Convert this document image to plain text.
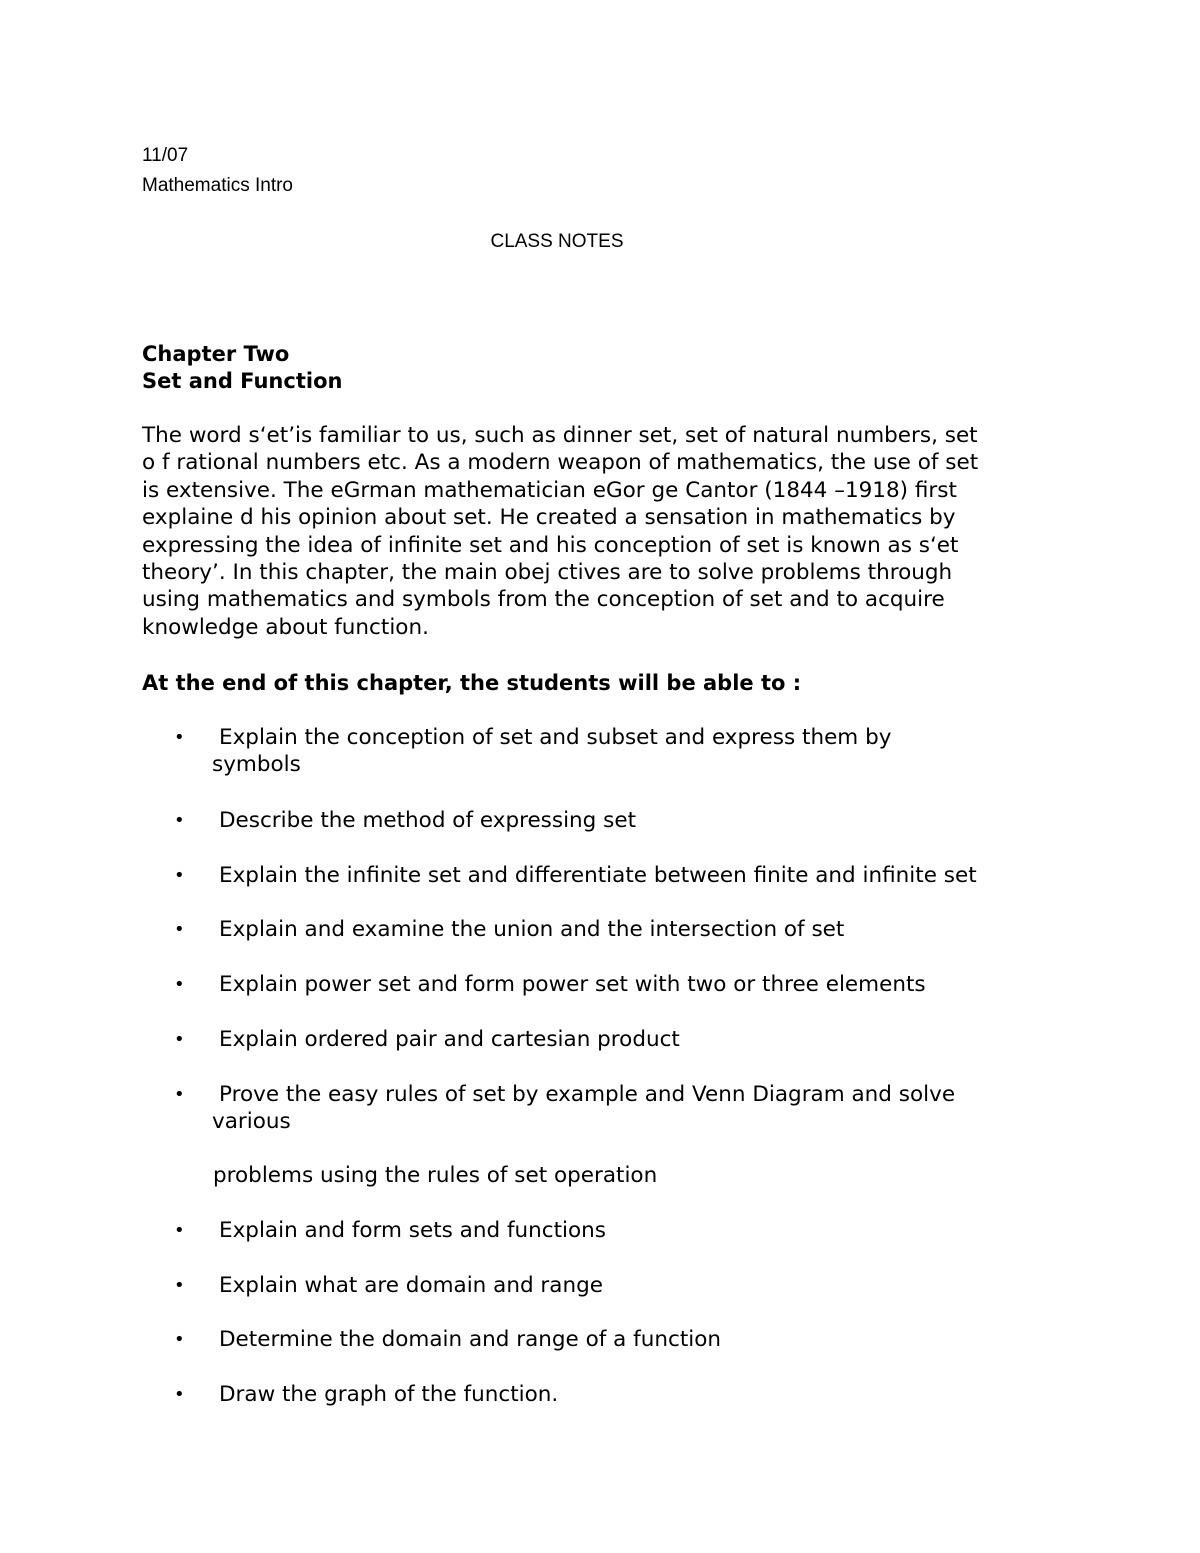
11/07
Mathematics Intro
CLASS NOTES
Chapter Two
Set and Function
The word s‘et’is familiar to us, such as dinner set, set of natural numbers, set
o f rational numbers etc. As a modern weapon of mathematics, the use of set
is extensive. The eGrman mathematician eGor ge Cantor (1844 –1918) first
explaine d his opinion about set. He created a sensation in mathematics by
expressing the idea of infinite set and his conception of set is known as s‘et
theory’. In this chapter, the main obej ctives are to solve problems through
using mathematics and symbols from the conception of set and to acquire
knowledge about function.
At the end of this chapter, the students will be able to :
•	Explain the conception of set and subset and express them by
symbols
•	Describe the method of expressing set
•	Explain the infinite set and differentiate between finite and infinite set
•	Explain and examine the union and the intersection of set
•	Explain power set and form power set with two or three elements
•	Explain ordered pair and cartesian product
•	Prove the easy rules of set by example and Venn Diagram and solve
various
problems using the rules of set operation
•	Explain and form sets and functions
•	Explain what are domain and range
•	Determine the domain and range of a function
•	Draw the graph of the function.
